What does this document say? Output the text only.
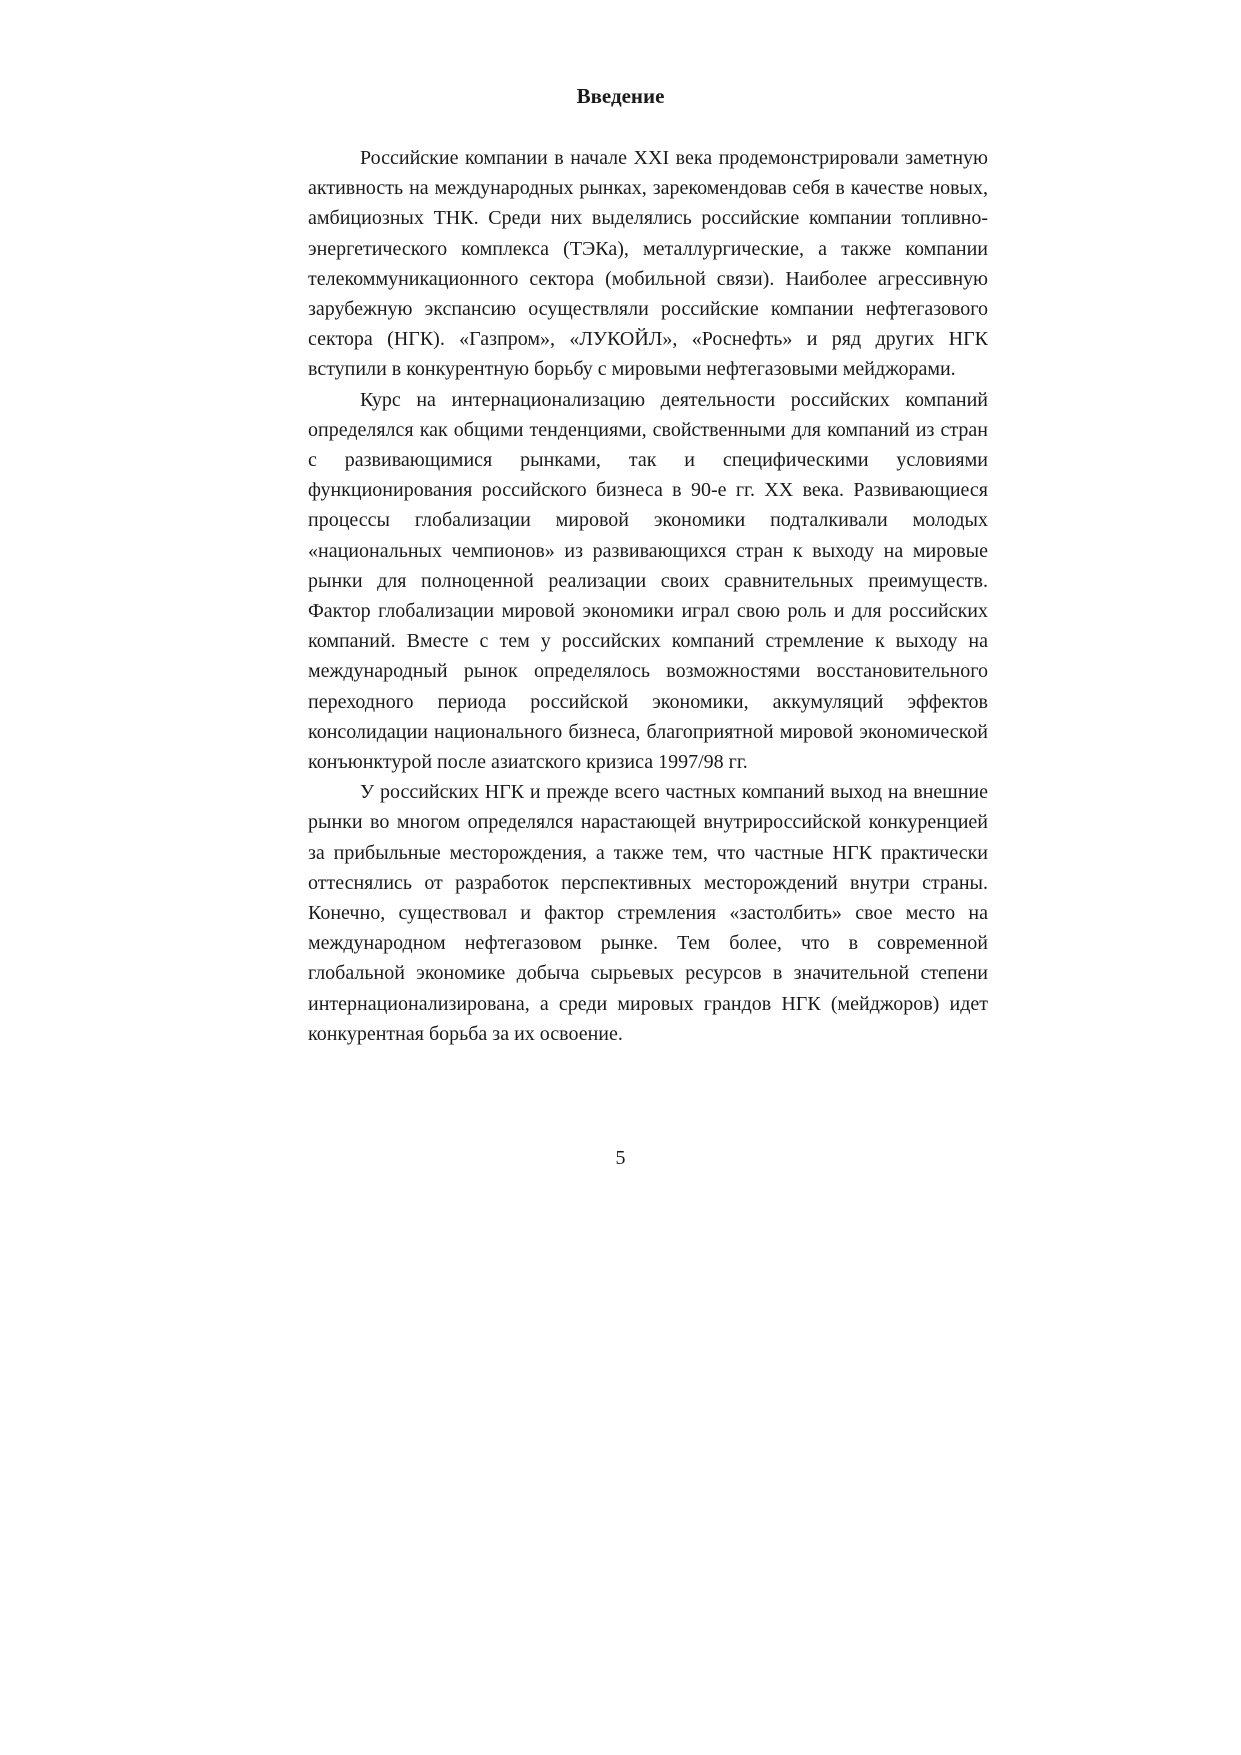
Введение

Российские компании в начале XXI века продемонстрировали заметную активность на международных рынках, зарекомендовав себя в качестве новых, амбициозных ТНК. Среди них выделялись российские компании топливно-энергетического комплекса (ТЭКа), металлургические, а также компании телекоммуникационного сектора (мобильной связи). Наиболее агрессивную зарубежную экспансию осуществляли российские компании нефтегазового сектора (НГК). «Газпром», «ЛУКОЙЛ», «Роснефть» и ряд других НГК вступили в конкурентную борьбу с мировыми нефтегазовыми мейджорами.

Курс на интернационализацию деятельности российских компаний определялся как общими тенденциями, свойственными для компаний из стран с развивающимися рынками, так и специфическими условиями функционирования российского бизнеса в 90-е гг. XX века. Развивающиеся процессы глобализации мировой экономики подталкивали молодых «национальных чемпионов» из развивающихся стран к выходу на мировые рынки для полноценной реализации своих сравнительных преимуществ. Фактор глобализации мировой экономики играл свою роль и для российских компаний. Вместе с тем у российских компаний стремление к выходу на международный рынок определялось возможностями восстановительного переходного периода российской экономики, аккумуляций эффектов консолидации национального бизнеса, благоприятной мировой экономической конъюнктурой после азиатского кризиса 1997/98 гг.

У российских НГК и прежде всего частных компаний выход на внешние рынки во многом определялся нарастающей внутрироссийской конкуренцией за прибыльные месторождения, а также тем, что частные НГК практически оттеснялись от разработок перспективных месторождений внутри страны. Конечно, существовал и фактор стремления «застолбить» свое место на международном нефтегазовом рынке. Тем более, что в современной глобальной экономике добыча сырьевых ресурсов в значительной степени интернационализирована, а среди мировых грандов НГК (мейджоров) идет конкурентная борьба за их освоение.

5
